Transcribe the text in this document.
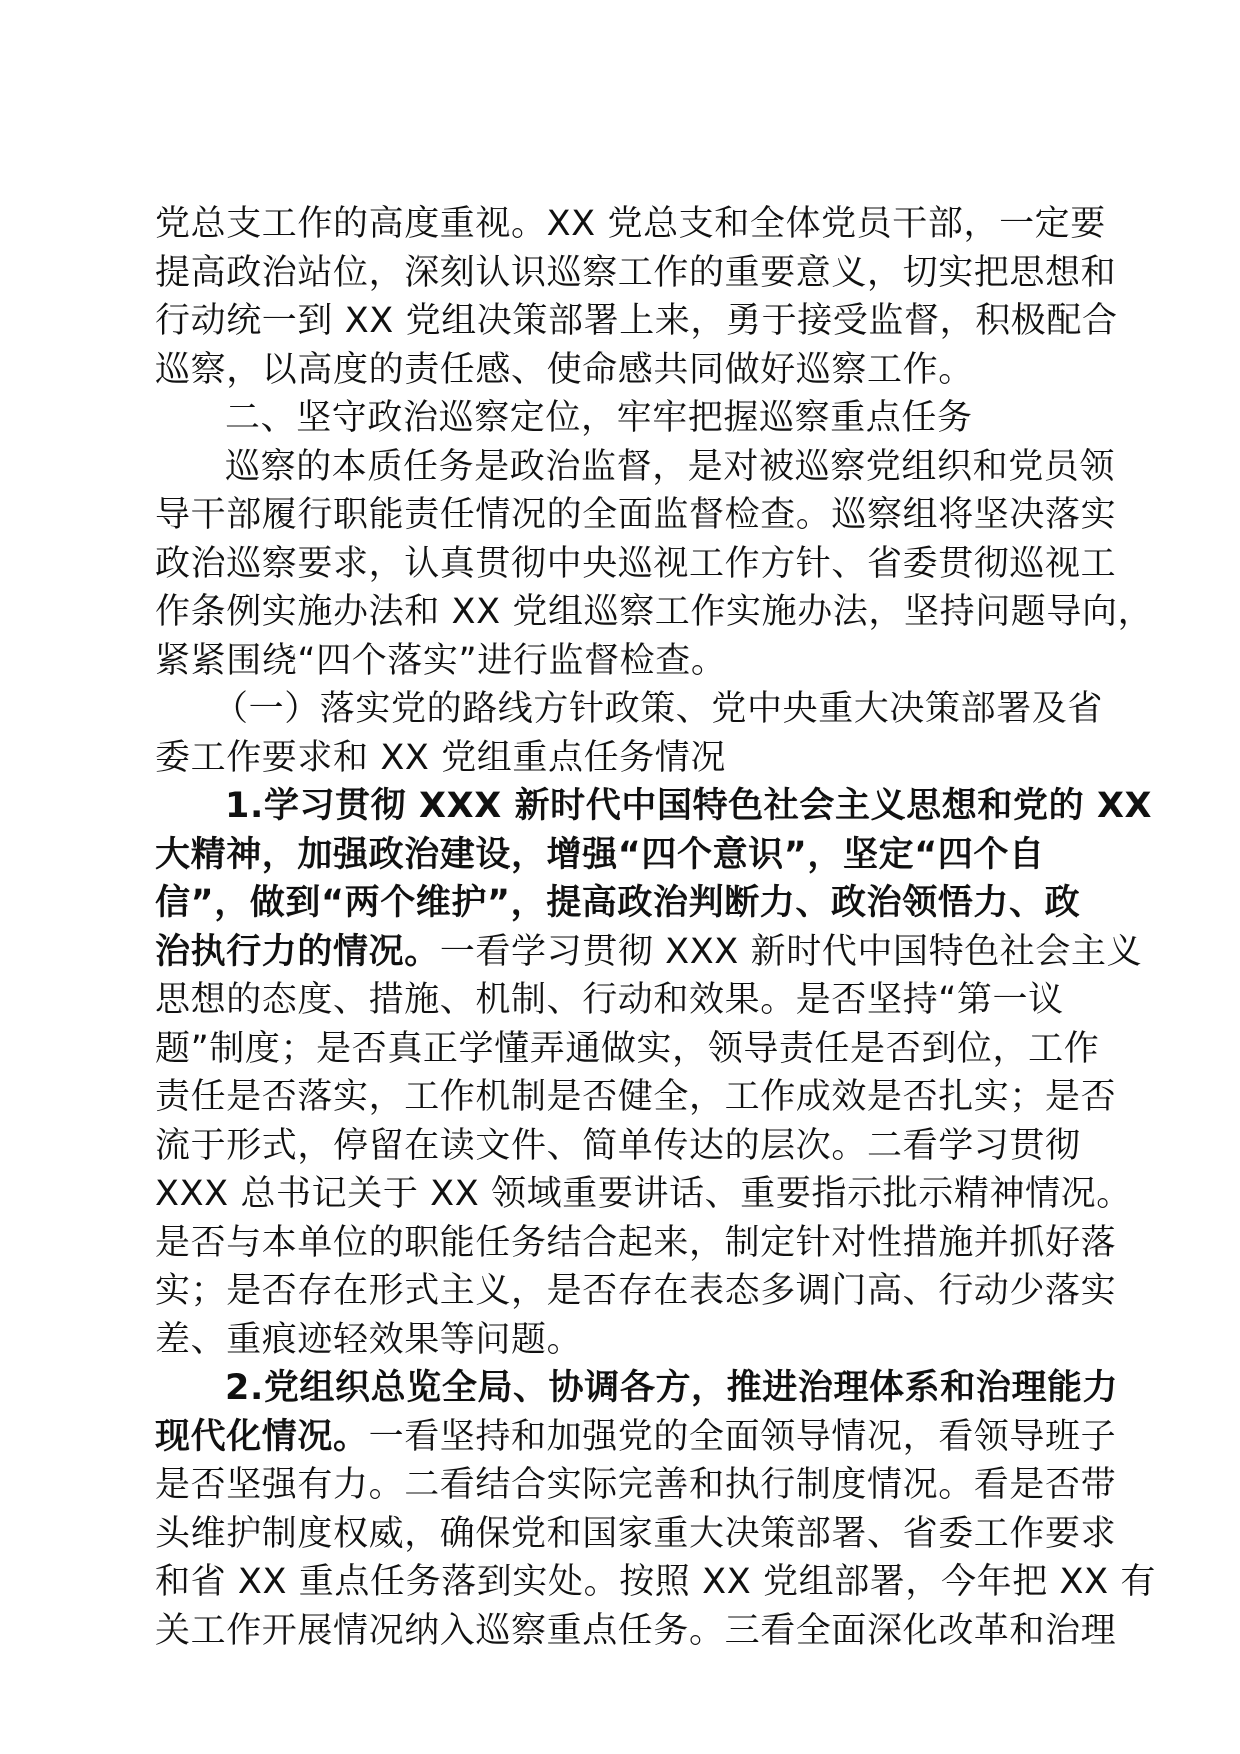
党总支工作的高度重视。XX 党总支和全体党员干部，一定要
提高政治站位，深刻认识巡察工作的重要意义，切实把思想和
行动统一到 XX 党组决策部署上来，勇于接受监督，积极配合
巡察，以高度的责任感、使命感共同做好巡察工作。
二、坚守政治巡察定位，牢牢把握巡察重点任务
巡察的本质任务是政治监督，是对被巡察党组织和党员领
导干部履行职能责任情况的全面监督检查。巡察组将坚决落实
政治巡察要求，认真贯彻中央巡视工作方针、省委贯彻巡视工
作条例实施办法和 XX 党组巡察工作实施办法，坚持问题导向，
紧紧围绕“四个落实”进行监督检查。
（一）落实党的路线方针政策、党中央重大决策部署及省
委工作要求和 XX 党组重点任务情况
1.学习贯彻 XXX 新时代中国特色社会主义思想和党的 XX
大精神，加强政治建设，增强“四个意识”，坚定“四个自
信”，做到“两个维护”，提高政治判断力、政治领悟力、政
治执行力的情况。一看学习贯彻 XXX 新时代中国特色社会主义
思想的态度、措施、机制、行动和效果。是否坚持“第一议
题”制度；是否真正学懂弄通做实，领导责任是否到位，工作
责任是否落实，工作机制是否健全，工作成效是否扎实；是否
流于形式，停留在读文件、简单传达的层次。二看学习贯彻
XXX 总书记关于 XX 领域重要讲话、重要指示批示精神情况。
是否与本单位的职能任务结合起来，制定针对性措施并抓好落
实；是否存在形式主义，是否存在表态多调门高、行动少落实
差、重痕迹轻效果等问题。
2.党组织总览全局、协调各方，推进治理体系和治理能力
现代化情况。一看坚持和加强党的全面领导情况，看领导班子
是否坚强有力。二看结合实际完善和执行制度情况。看是否带
头维护制度权威，确保党和国家重大决策部署、省委工作要求
和省 XX 重点任务落到实处。按照 XX 党组部署，今年把 XX 有
关工作开展情况纳入巡察重点任务。三看全面深化改革和治理
